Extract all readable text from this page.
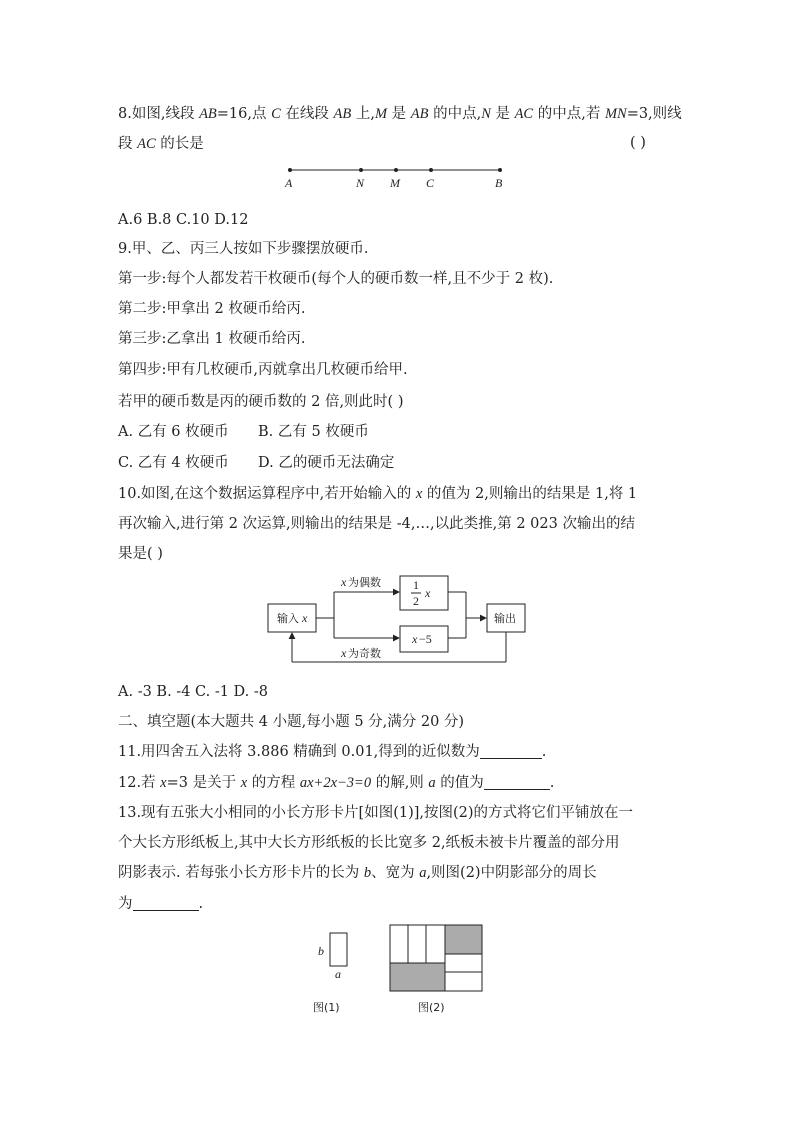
8.如图,线段 AB=16,点 C 在线段 AB 上,M 是 AB 的中点,N 是 AC 的中点,若 MN=3,则线
段 AC 的长是	( )
A	N M C	B
A.6 B.8 C.10 D.12
9.甲、乙、丙三人按如下步骤摆放硬币.
第一步:每个人都发若干枚硬币(每个人的硬币数一样,且不少于 2 枚).
第二步:甲拿出 2 枚硬币给丙.
第三步:乙拿出 1 枚硬币给丙.
第四步:甲有几枚硬币,丙就拿出几枚硬币给甲.
若甲的硬币数是丙的硬币数的 2 倍,则此时( )
A. 乙有 6 枚硬币 B. 乙有 5 枚硬币
C. 乙有 4 枚硬币 D. 乙的硬币无法确定
10.如图,在这个数据运算程序中,若开始输入的 x 的值为 2,则输出的结果是 1,将 1
再次输入,进行第 2 次运算,则输出的结果是 -4,…,以此类推,第 2 023 次输出的结
果是( )
输入 x
x 为偶数	1
2
x
x −5
输出
x 为奇数
A. -3 B. -4 C. -1 D. -8
二、填空题(本大题共 4 小题,每小题 5 分,满分 20 分)
11.用四舍五入法将 3.886 精确到 0.01,得到的近似数为	.
12.若 x=3 是关于 x 的方程 ax+2x−3=0 的解,则 a 的值为	.
13.现有五张大小相同的小长方形卡片[如图(1)],按图(2)的方式将它们平铺放在一
个大长方形纸板上,其中大长方形纸板的长比宽多 2,纸板未被卡片覆盖的部分用
阴影表示. 若每张小长方形卡片的长为 b、宽为 a,则图(2)中阴影部分的周长
为	.
b
a
图(1)	图(2)
